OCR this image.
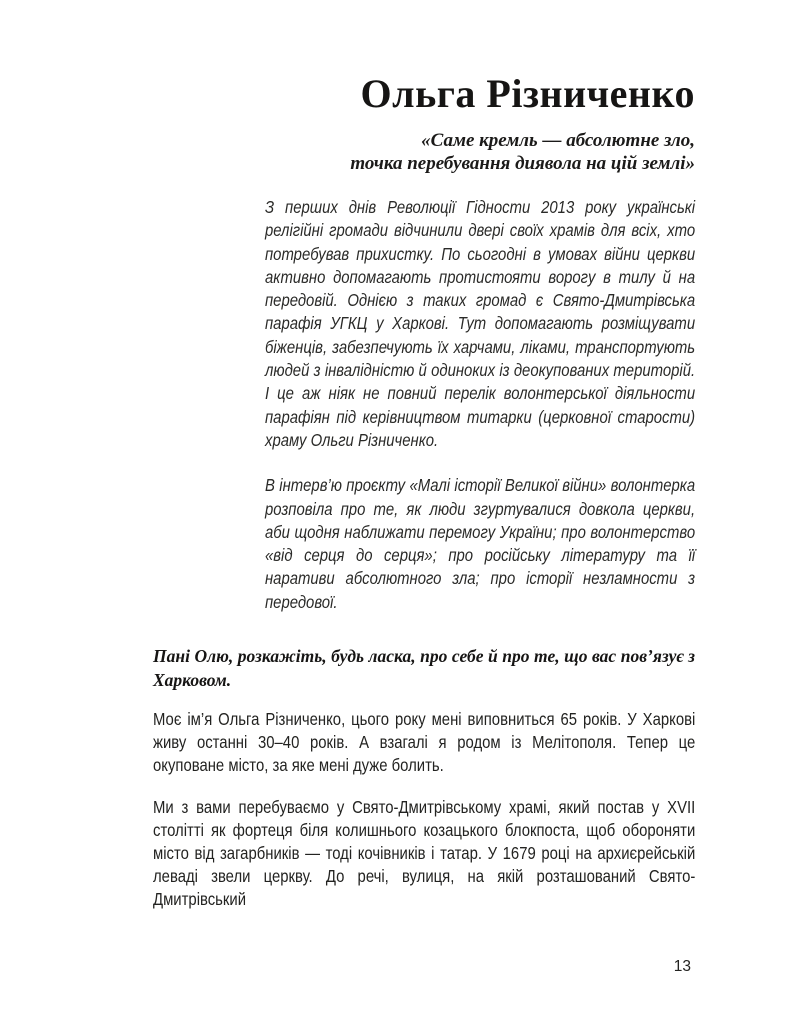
Ольга Різниченко
«Саме кремль — абсолютне зло,
точка перебування диявола на цій землі»

З перших днів Революції Гідности 2013 року українські релігійні громади відчинили двері своїх храмів для всіх, хто потребував прихистку. По сьогодні в умовах війни церкви активно допомагають протистояти ворогу в тилу й на передовій. Однією з таких громад є Свято-Дмитрівська парафія УГКЦ у Харкові. Тут допомагають розміщувати біженців, забезпечують їх харчами, ліками, транспортують людей з інвалідністю й одиноких із деокупованих територій. І це аж ніяк не повний перелік волонтерської діяльности парафіян під керівництвом титарки (церковної старости) храму Ольги Різниченко.

В інтерв’ю проєкту «Малі історії Великої війни» волонтерка розповіла про те, як люди згуртувалися довкола церкви, аби щодня наближати перемогу України; про волонтерство «від серця до серця»; про російську літературу та її наративи абсолютного зла; про історії незламности з передової.

Пані Олю, розкажіть, будь ласка, про себе й про те, що вас пов’язує з Харковом.

Моє ім’я Ольга Різниченко, цього року мені виповниться 65 років. У Харкові живу останні 30–40 років. А взагалі я родом із Мелітополя. Тепер це окуповане місто, за яке мені дуже болить.

Ми з вами перебуваємо у Свято-Дмитрівському храмі, який постав у XVII столітті як фортеця біля колишнього козацького блокпоста, щоб обороняти місто від загарбників — тоді кочівників і татар. У 1679 році на архиєрейській леваді звели церкву. До речі, вулиця, на якій розташований Свято-Дмитрівський

13
